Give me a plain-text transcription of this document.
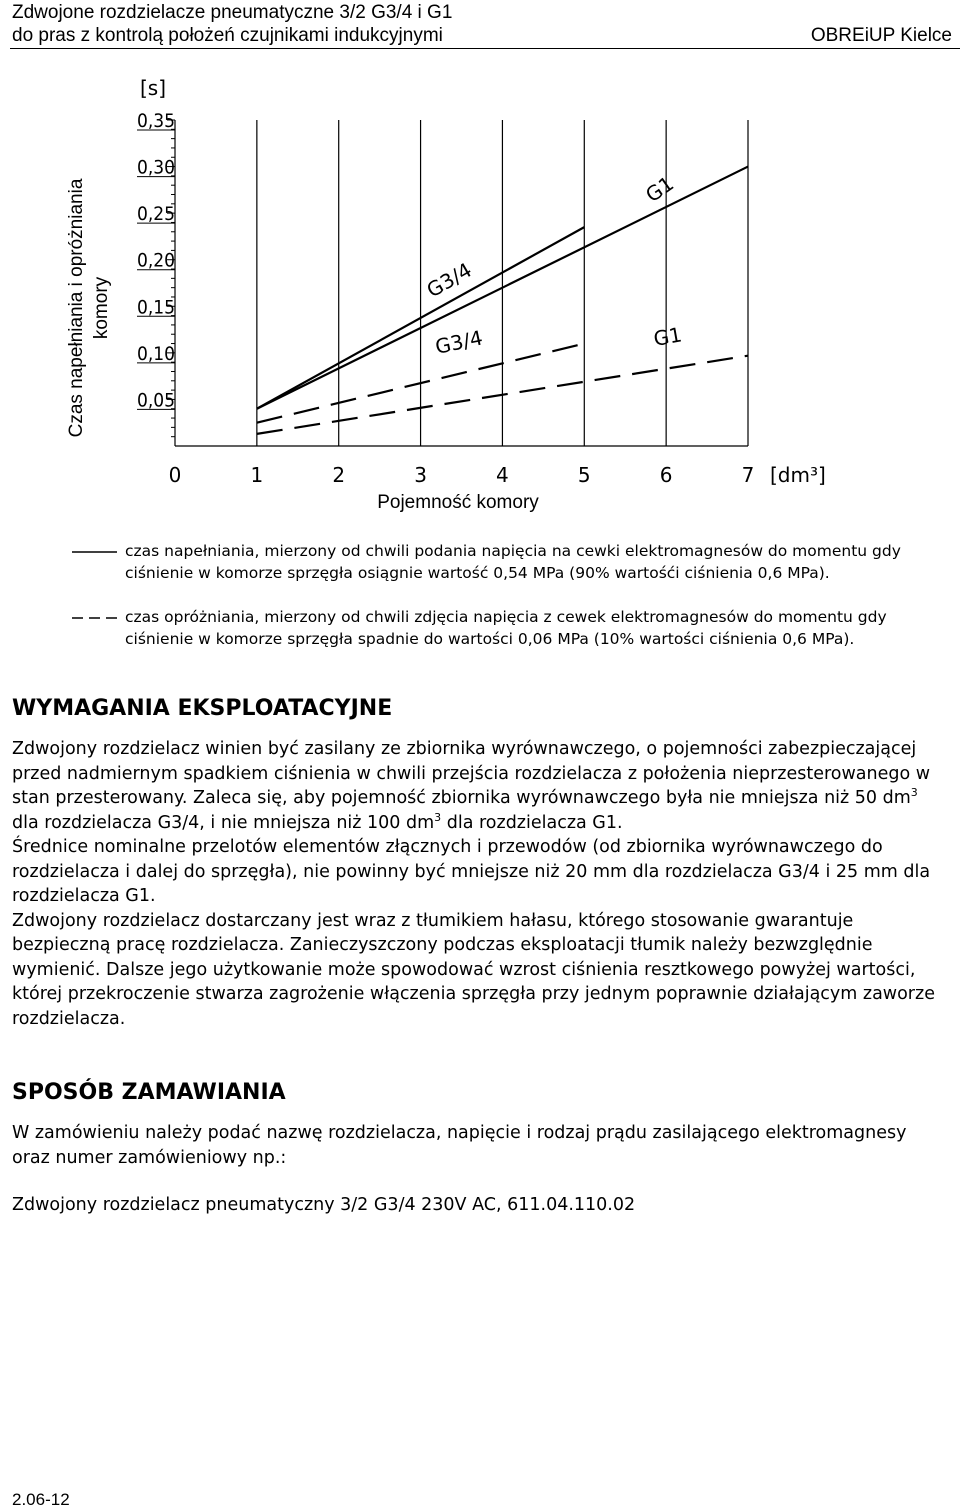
Zdwojone rozdzielacze pneumatyczne 3/2 G3/4 i G1
do pras z kontrolą położeń czujnikami indukcyjnymi	OBREiUP Kielce
0,35
0,30
0,25
0,20
0,15
0,10
0,05
0	1	2	3	4	5	6	7
[s]
[dm³]
Pojemność komory
Czas napełniania i opróżniania komory	G3/4
G1
G3/4	G1
czas napełniania, mierzony od chwili podania napięcia na cewki elektromagnesów do momentu gdy ciśnienie w komorze sprzęgła osiągnie wartość 0,54 MPa (90% wartośći ciśnienia 0,6 MPa).
czas opróżniania, mierzony od chwili zdjęcia napięcia z cewek elektromagnesów do momentu gdy ciśnienie w komorze sprzęgła spadnie do wartości 0,06 MPa (10% wartości ciśnienia 0,6 MPa).
WYMAGANIA EKSPLOATACYJNE

Zdwojony rozdzielacz winien być zasilany ze zbiornika wyrównawczego, o pojemności zabezpieczającej przed nadmiernym spadkiem ciśnienia w chwili przejścia rozdzielacza z położenia nieprzesterowanego w stan przesterowany. Zaleca się, aby pojemność zbiornika wyrównawczego była nie mniejsza niż 50 $dm^3$ dla rozdzielacza G3/4, i nie mniejsza niż 100 $dm^3$ dla rozdzielacza G1.

Średnice nominalne przelotów elementów złącznych i przewodów (od zbiornika wyrównawczego do rozdzielacza i dalej do sprzęgła), nie powinny być mniejsze niż 20 mm dla rozdzielacza G3/4 i 25 mm dla rozdzielacza G1.

Zdwojony rozdzielacz dostarczany jest wraz z tłumikiem hałasu, którego stosowanie gwarantuje bezpieczną pracę rozdzielacza. Zanieczyszczony podczas eksploatacji tłumik należy bezwzględnie wymienić. Dalsze jego użytkowanie może spowodować wzrost ciśnienia resztkowego powyżej wartości, której przekroczenie stwarza zagrożenie włączenia sprzęgła przy jednym poprawnie działającym zaworze rozdzielacza.

SPOSÓB ZAMAWIANIA
W zamówieniu należy podać nazwę rozdzielacza, napięcie i rodzaj prądu zasilającego elektromagnesy oraz numer zamówieniowy np.:
Zdwojony rozdzielacz pneumatyczny 3/2 G3/4 230V AC, 611.04.110.02
2.06-12
